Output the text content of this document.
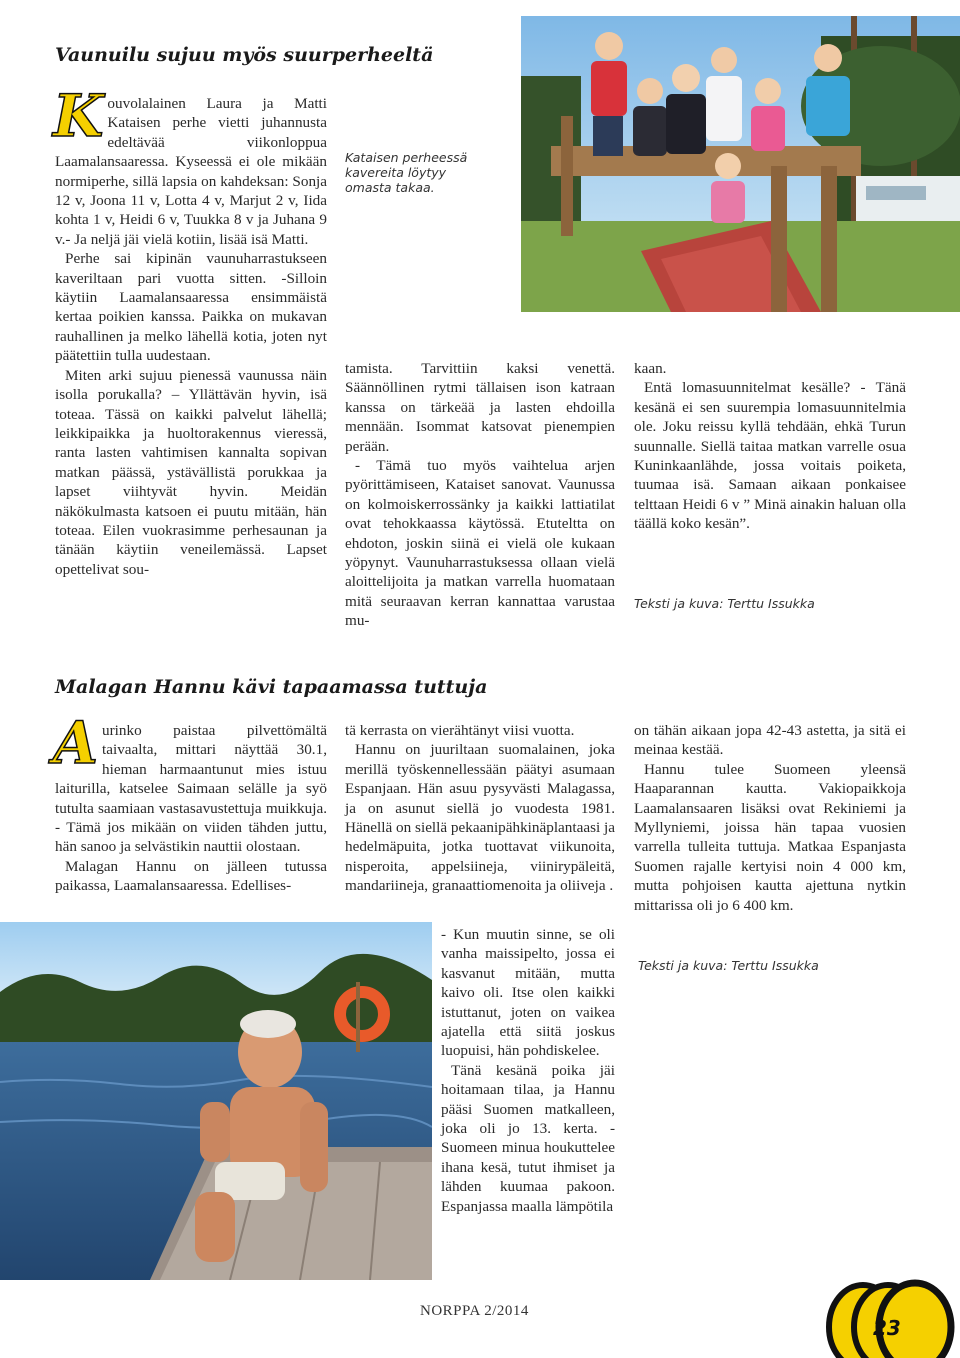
Vaunuilu sujuu myös suurperheeltä

Kouvolalainen Laura ja Matti Kataisen perhe vietti juhannusta edeltävää viikonloppua Laamalansaaressa. Kyseessä ei ole mikään normiperhe, sillä lapsia on kahdeksan: Sonja 12 v, Joona 11 v, Lotta 4 v, Marjut 2 v, Iida kohta 1 v, Heidi 6 v, Tuukka 8 v ja Juhana 9 v.- Ja neljä jäi vielä kotiin, lisää isä Matti.

Perhe sai kipinän vaunuharrastukseen kaveriltaan pari vuotta sitten. -Silloin käytiin Laamalansaaressa ensimmäistä kertaa poikien kanssa. Paikka on mukavan rauhallinen ja melko lähellä kotia, joten nyt päätettiin tulla uudestaan.

Miten arki sujuu pienessä vaunussa näin isolla porukalla? – Yllättävän hyvin, isä toteaa. Tässä on kaikki palvelut lähellä; leikkipaikka ja huoltorakennus vieressä, ranta lasten vahtimisen kannalta sopivan matkan päässä, ystävällistä porukkaa ja lapset viihtyvät hyvin. Meidän näkökulmasta katsoen ei puutu mitään, hän toteaa. Eilen vuokrasimme perhesaunan ja tänään käytiin veneilemässä. Lapset opettelivat sou-

Kataisen perheessä kavereita löytyy omasta takaa.

tamista. Tarvittiin kaksi venettä. Säännöllinen rytmi tällaisen ison katraan kanssa on tärkeää ja lasten ehdoilla mennään. Isommat katsovat pienempien perään.

- Tämä tuo myös vaihtelua arjen pyörittämiseen, Kataiset sanovat. Vaunussa on kolmoiskerrossänky ja kaikki lattiatilat ovat tehokkaassa käytössä. Etuteltta on ehdoton, joskin siinä ei vielä ole kukaan yöpynyt. Vaunuharrastuksessa ollaan vielä aloittelijoita ja matkan varrella huomataan mitä seuraavan kerran kannattaa varustaa mu-

kaan.

Entä lomasuunnitelmat kesälle? - Tänä kesänä ei sen suurempia lomasuunnitelmia ole. Joku reissu kyllä tehdään, ehkä Turun suunnalle. Siellä taitaa matkan varrelle osua Kuninkaanlähde, jossa voitais poiketa, tuumaa isä. Samaan aikaan ponkaisee telttaan Heidi 6 v ” Minä ainakin haluan olla täällä koko kesän”.

Teksti ja kuva: Terttu Issukka
Malagan Hannu kävi tapaamassa tuttuja

Aurinko paistaa pilvettömältä taivaalta, mittari näyttää 30.1, hieman harmaantunut mies istuu laiturilla, katselee Saimaan selälle ja syö tutulta saamiaan vastasavustettuja muikkuja. - Tämä jos mikään on viiden tähden juttu, hän sanoo ja selvästikin nauttii olostaan.

Malagan Hannu on jälleen tutussa paikassa, Laamalansaaressa. Edellises-

tä kerrasta on vierähtänyt viisi vuotta.

Hannu on juuriltaan suomalainen, joka merillä työskennellessään päätyi asumaan Espanjaan. Hän asuu pysyvästi Malagassa, ja on asunut siellä jo vuodesta 1981. Hänellä on siellä pekaanipähkinäplantaasi ja hedelmäpuita, jotka tuottavat viikunoita, nisperoita, appelsiineja, viinirypäleitä, mandariineja, granaattiomenoita ja oliiveja .

- Kun muutin sinne, se oli vanha maissipelto, jossa ei kasvanut mitään, mutta kaivo oli. Itse olen kaikki istuttanut, joten on vaikea ajatella että siitä joskus luopuisi, hän pohdiskelee.

Tänä kesänä poika jäi hoitamaan tilaa, ja Hannu pääsi Suomen matkalleen, joka oli jo 13. kerta. - Suomeen minua houkuttelee ihana kesä, tutut ihmiset ja lähden kuumaa pakoon. Espanjassa maalla lämpötila

on tähän aikaan jopa 42-43 astetta, ja sitä ei meinaa kestää.

Hannu tulee Suomeen yleensä Haaparannan kautta. Vakiopaikkoja Laamalansaaren lisäksi ovat Rekiniemi ja Myllyniemi, joissa hän tapaa vuosien varrella tulleita tuttuja. Matkaa Espanjasta Suomen rajalle kertyisi noin 4 000 km, mutta pohjoisen kautta ajettuna nytkin mittarissa oli jo 6 400 km.

Teksti ja kuva: Terttu Issukka
NORPPA 2/2014
23
